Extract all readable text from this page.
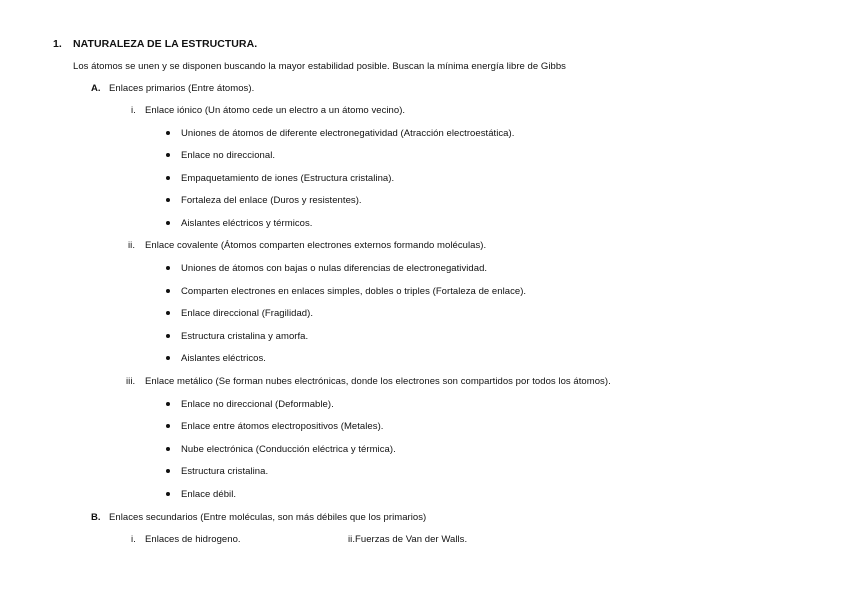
1. NATURALEZA DE LA ESTRUCTURA.
Los átomos se unen y se disponen buscando la mayor estabilidad posible. Buscan la mínima energía libre de Gibbs
A. Enlaces primarios (Entre átomos).
i. Enlace iónico (Un átomo cede un electro a un átomo vecino).
Uniones de átomos de diferente electronegatividad (Atracción electroestática).
Enlace no direccional.
Empaquetamiento de iones (Estructura cristalina).
Fortaleza del enlace (Duros y resistentes).
Aislantes eléctricos y térmicos.
ii. Enlace covalente (Átomos comparten electrones externos formando moléculas).
Uniones de átomos con bajas o nulas diferencias de electronegatividad.
Comparten electrones en enlaces simples, dobles o triples (Fortaleza de enlace).
Enlace direccional (Fragilidad).
Estructura cristalina y amorfa.
Aislantes eléctricos.
iii. Enlace metálico (Se forman nubes electrónicas, donde los electrones son compartidos por todos los átomos).
Enlace no direccional (Deformable).
Enlace entre átomos electropositivos (Metales).
Nube electrónica (Conducción eléctrica y térmica).
Estructura cristalina.
Enlace débil.
B. Enlaces secundarios (Entre moléculas, son más débiles que los primarios)
i. Enlaces de hidrogeno.	ii.Fuerzas de Van der Walls.
